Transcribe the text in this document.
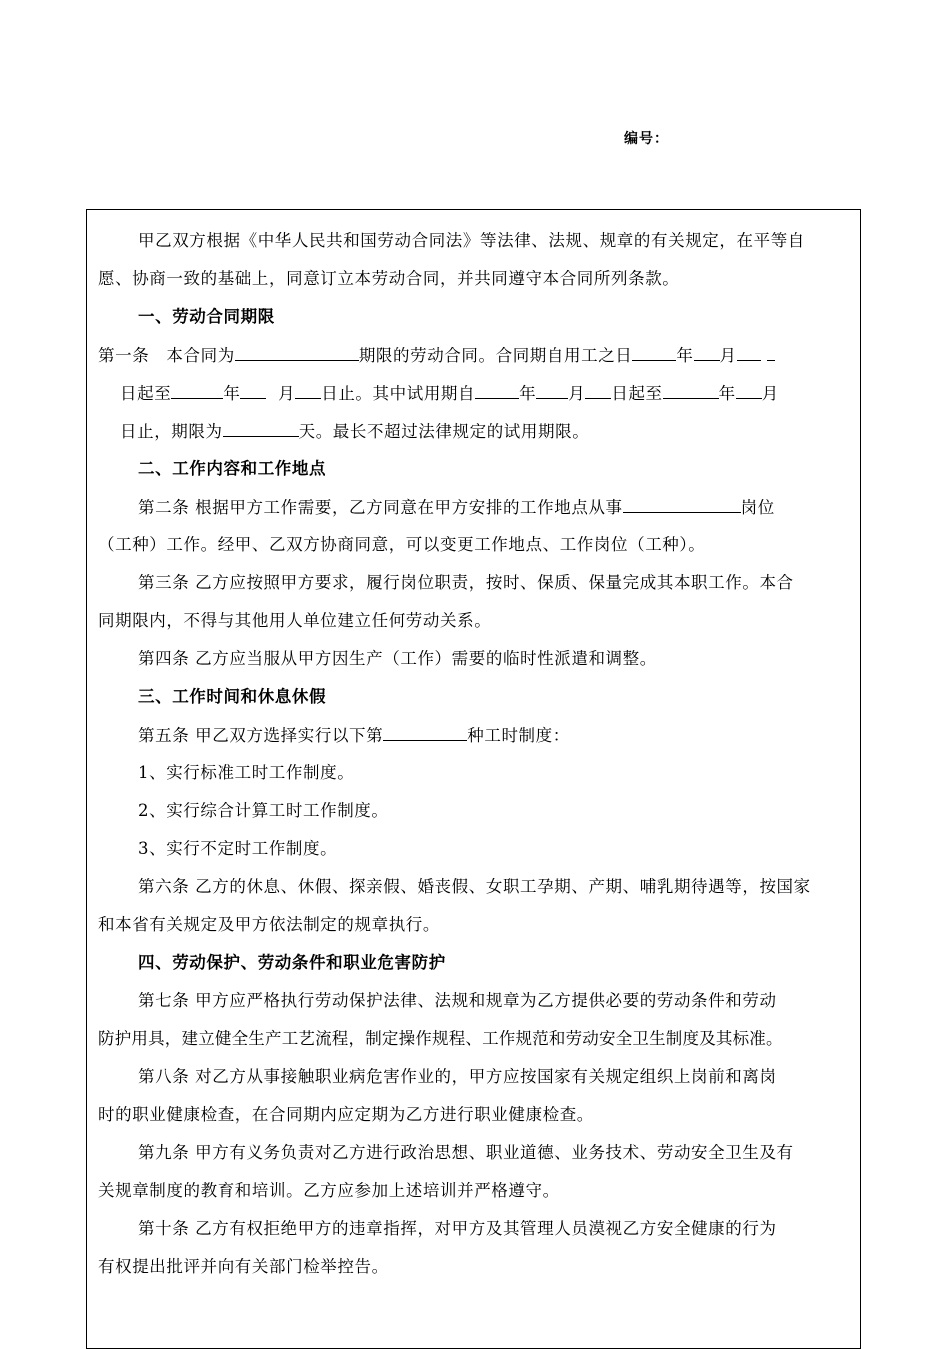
编号：

甲乙双方根据《中华人民共和国劳动合同法》等法律、法规、规章的有关规定，在平等自

愿、协商一致的基础上，同意订立本劳动合同，并共同遵守本合同所列条款。

一、劳动合同期限

第一条　本合同为	期限的劳动合同。合同期自用工之日	年 月

日起至	年 月 日止。其中试用期自	年 月 日起至	年 月

日止，期限为	天。最长不超过法律规定的试用期限。

二、工作内容和工作地点

第二条 根据甲方工作需要，乙方同意在甲方安排的工作地点从事	岗位

（工种）工作。经甲、乙双方协商同意，可以变更工作地点、工作岗位（工种）。

第三条 乙方应按照甲方要求，履行岗位职责，按时、保质、保量完成其本职工作。本合

同期限内，不得与其他用人单位建立任何劳动关系。

第四条 乙方应当服从甲方因生产（工作）需要的临时性派遣和调整。

三、工作时间和休息休假

第五条 甲乙双方选择实行以下第	种工时制度：

1、实行标准工时工作制度。

2、实行综合计算工时工作制度。

3、实行不定时工作制度。

第六条 乙方的休息、休假、探亲假、婚丧假、女职工孕期、产期、哺乳期待遇等，按国家

和本省有关规定及甲方依法制定的规章执行。

四、劳动保护、劳动条件和职业危害防护

第七条 甲方应严格执行劳动保护法律、法规和规章为乙方提供必要的劳动条件和劳动

防护用具，建立健全生产工艺流程，制定操作规程、工作规范和劳动安全卫生制度及其标准。

第八条 对乙方从事接触职业病危害作业的，甲方应按国家有关规定组织上岗前和离岗

时的职业健康检查，在合同期内应定期为乙方进行职业健康检查。

第九条 甲方有义务负责对乙方进行政治思想、职业道德、业务技术、劳动安全卫生及有

关规章制度的教育和培训。乙方应参加上述培训并严格遵守。

第十条 乙方有权拒绝甲方的违章指挥，对甲方及其管理人员漠视乙方安全健康的行为

有权提出批评并向有关部门检举控告。
